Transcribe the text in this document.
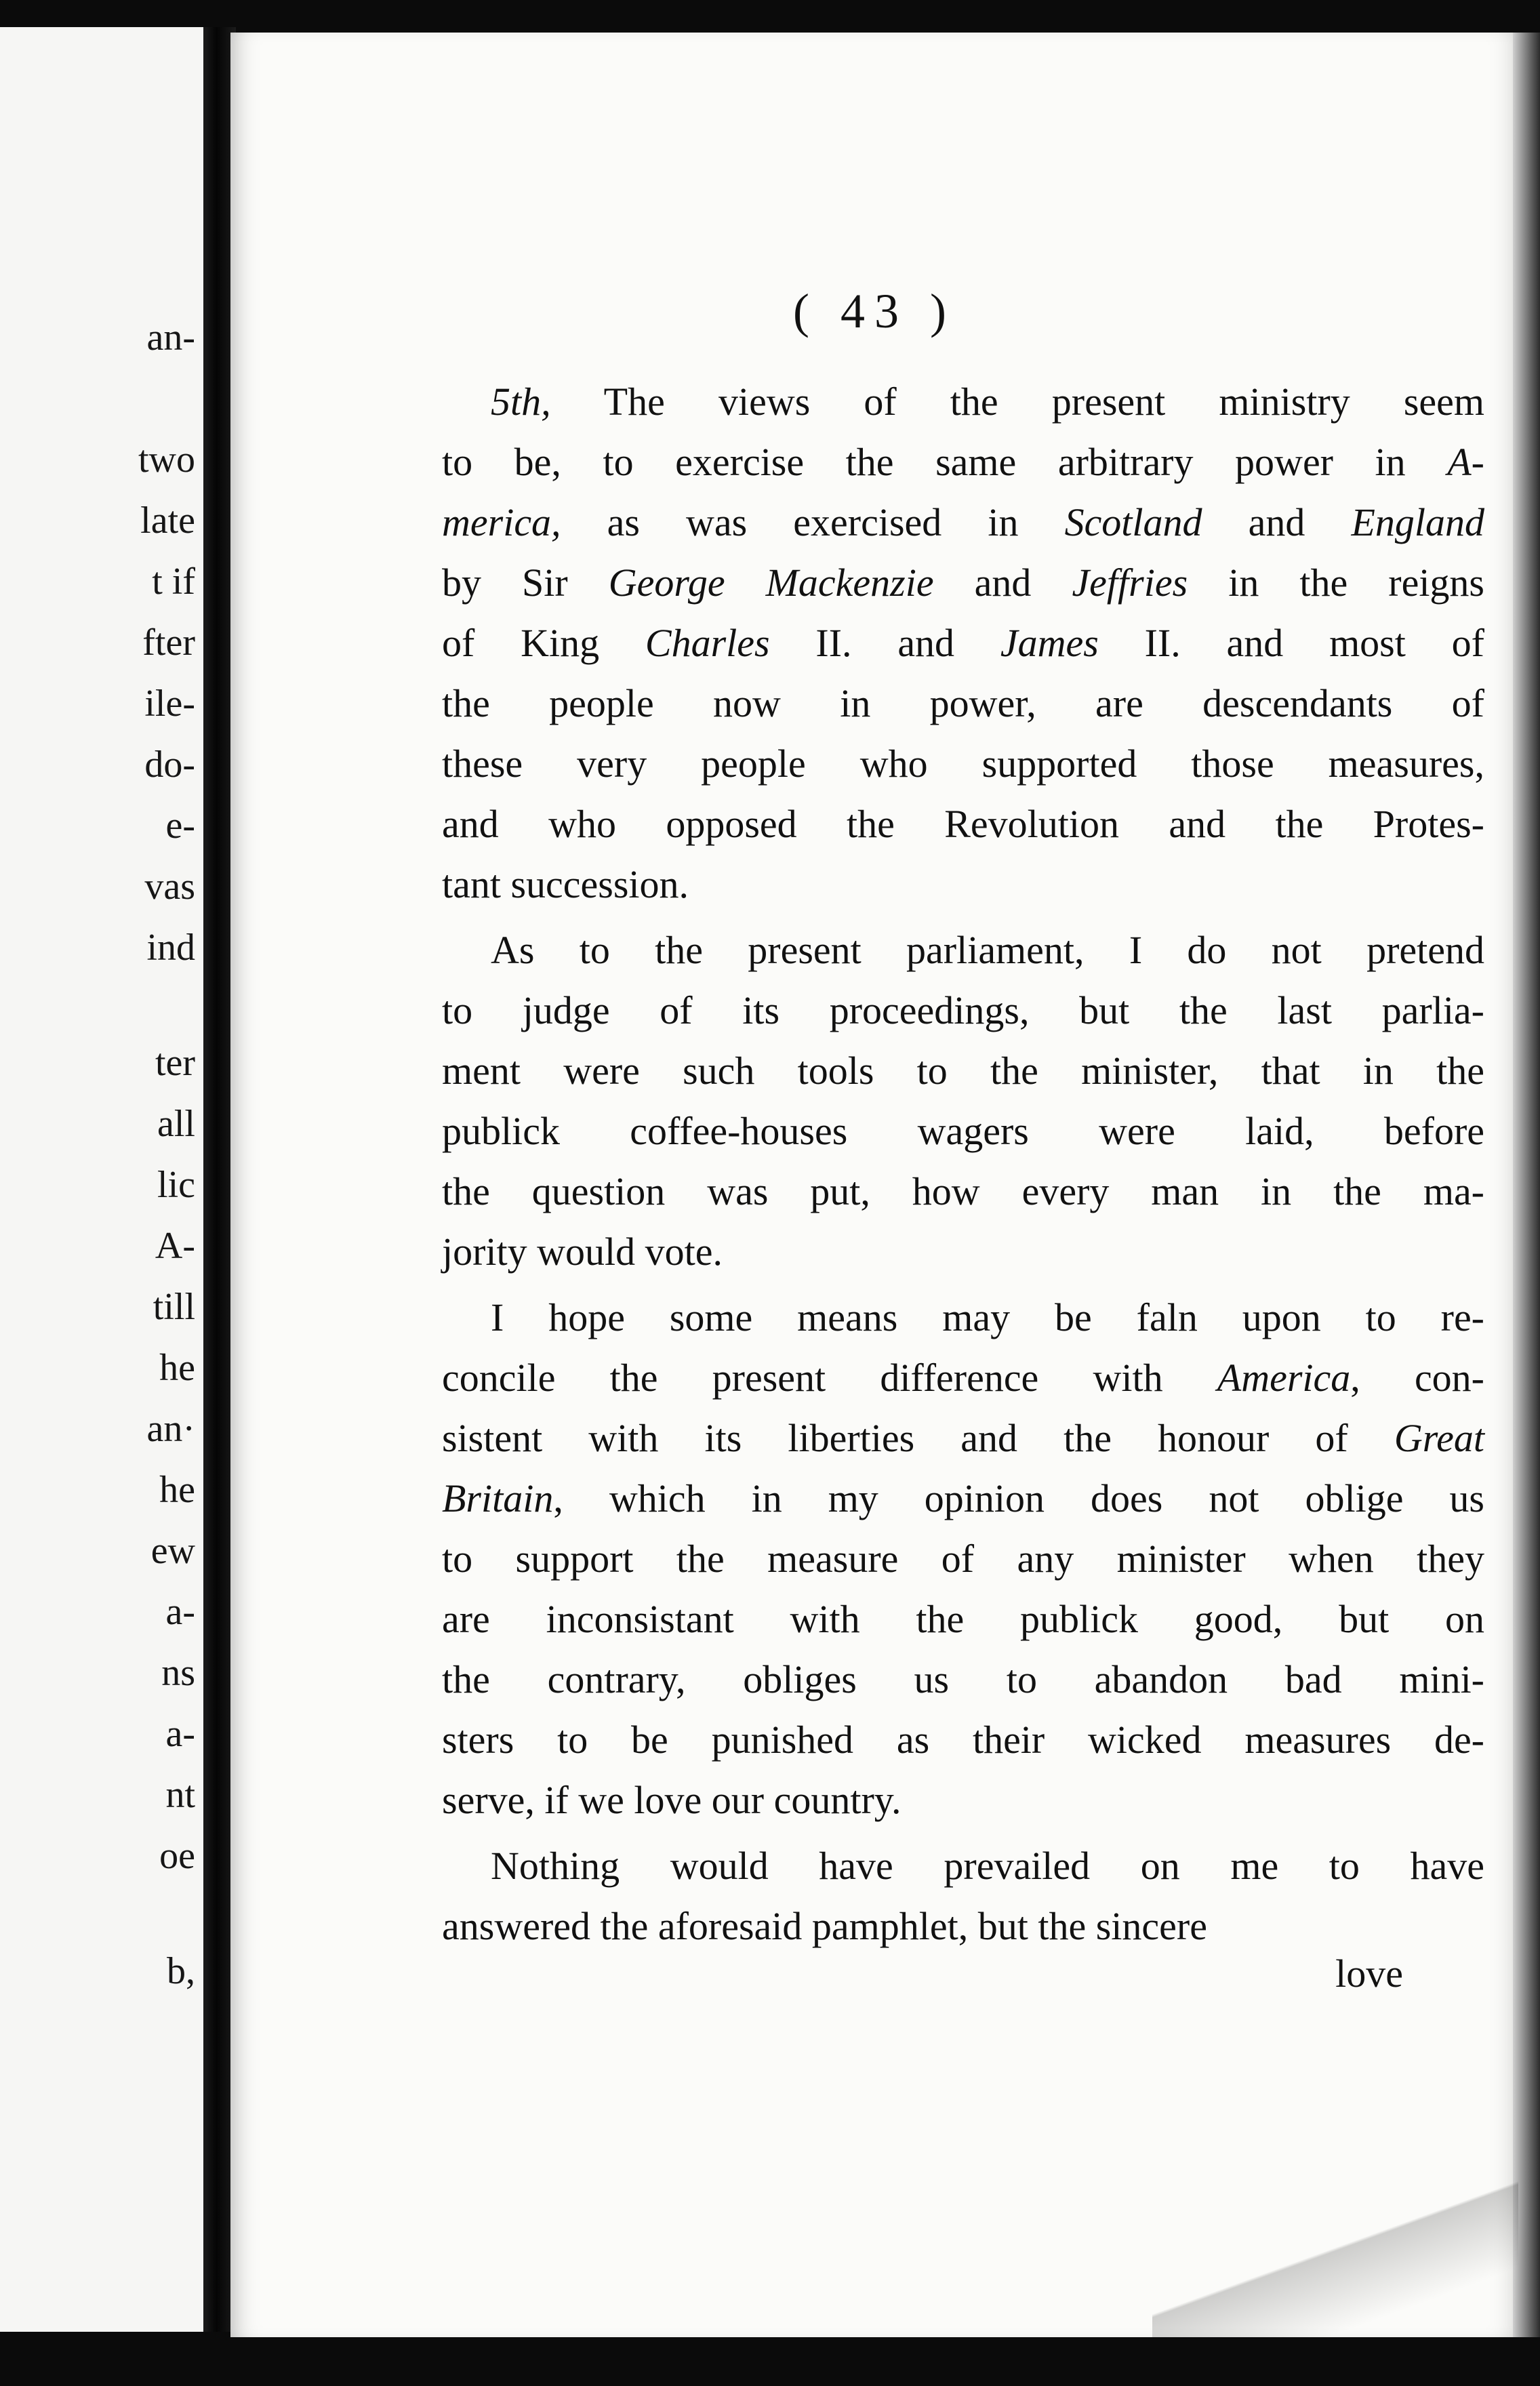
an-
two
late
t if
fter
ile-
do-
e-
vas
ind
ter
all
lic
A-
till
he
an·
he
ew
a-
ns
a-
nt
oe
b,
( 43 )
5th, The views of the present ministry seem
to be, to exercise the same arbitrary power in A-
merica, as was exercised in Scotland and England
by Sir George Mackenzie and Jeffries in the reigns
of King Charles II. and James II. and most of
the people now in power, are descendants of
these very people who supported those measures,
and who opposed the Revolution and the Protes-
tant succession.
As to the present parliament, I do not pretend
to judge of its proceedings, but the last parlia-
ment were such tools to the minister, that in the
publick coffee-houses wagers were laid, before
the question was put, how every man in the ma-
jority would vote.
I hope some means may be faln upon to re-
concile the present difference with America, con-
sistent with its liberties and the honour of Great
Britain, which in my opinion does not oblige us
to support the measure of any minister when they
are inconsistant with the publick good, but on
the contrary, obliges us to abandon bad mini-
sters to be punished as their wicked measures de-
serve, if we love our country.
Nothing would have prevailed on me to have
answered the aforesaid pamphlet, but the sincere
love
